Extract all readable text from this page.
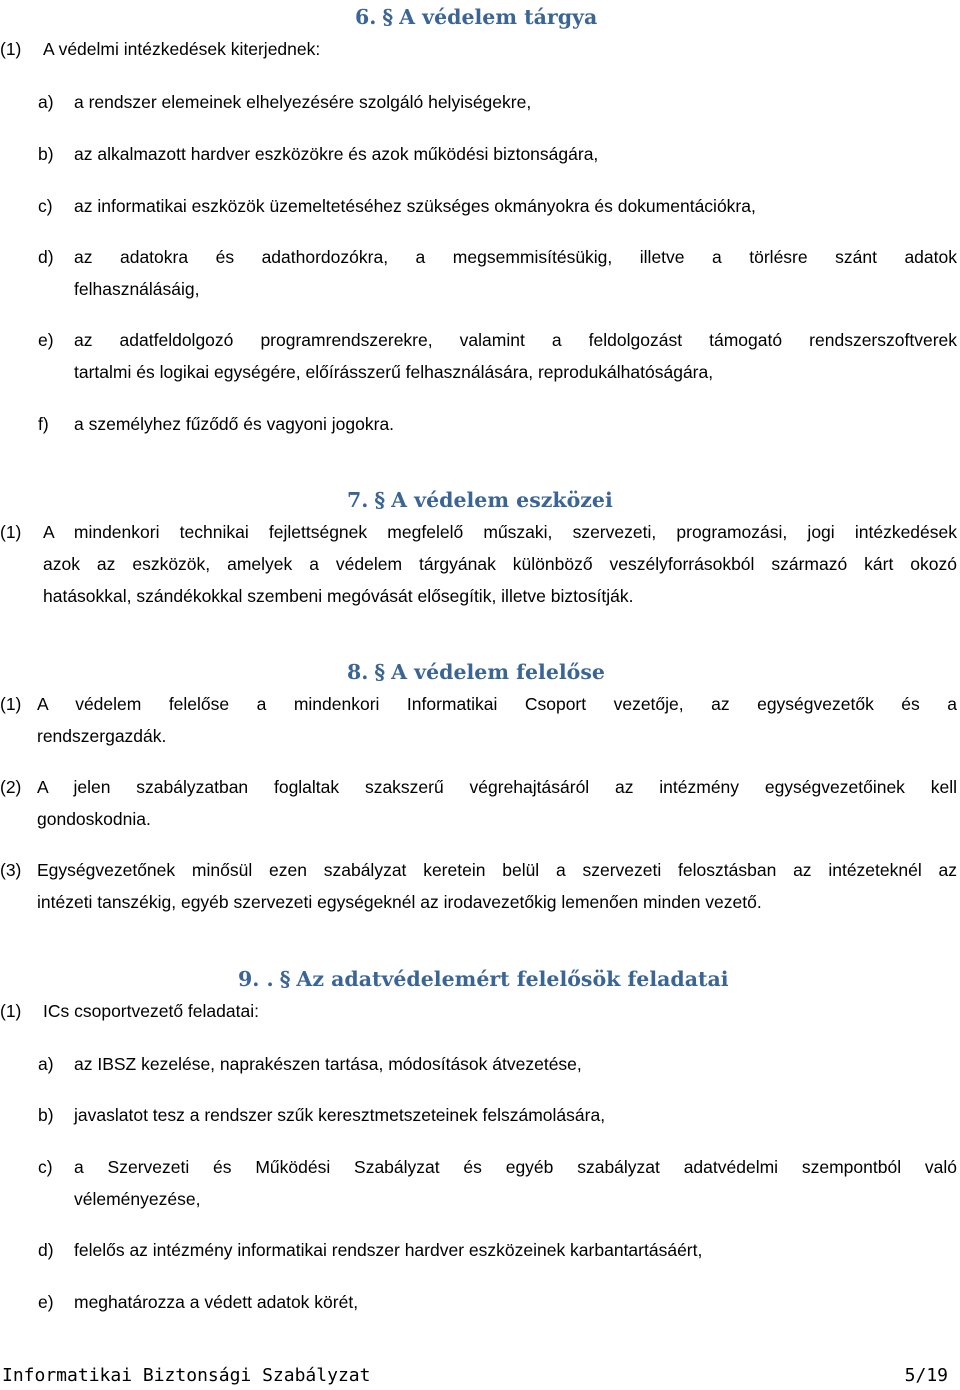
6. § A védelem tárgya
(1) A védelmi intézkedések kiterjednek:
a) a rendszer elemeinek elhelyezésére szolgáló helyiségekre,
b) az alkalmazott hardver eszközökre és azok működési biztonságára,
c) az informatikai eszközök üzemeltetéséhez szükséges okmányokra és dokumentációkra,
d) az adatokra és adathordozókra, a megsemmisítésükig, illetve a törlésre szánt adatok
felhasználásáig,
e) az adatfeldolgozó programrendszerekre, valamint a feldolgozást támogató rendszerszoftverek
tartalmi és logikai egységére, előírásszerű felhasználására, reprodukálhatóságára,
f) a személyhez fűződő és vagyoni jogokra.
7. § A védelem eszközei
(1) A mindenkori technikai fejlettségnek megfelelő műszaki, szervezeti, programozási, jogi intézkedések
azok az eszközök, amelyek a védelem tárgyának különböző veszélyforrásokból származó kárt okozó
hatásokkal, szándékokkal szembeni megóvását elősegítik, illetve biztosítják.
8. § A védelem felelőse
(1) A védelem felelőse a mindenkori Informatikai Csoport vezetője, az egységvezetők és a
rendszergazdák.
(2) A jelen szabályzatban foglaltak szakszerű végrehajtásáról az intézmény egységvezetőinek kell
gondoskodnia.
(3) Egységvezetőnek minősül ezen szabályzat keretein belül a szervezeti felosztásban az intézeteknél az
intézeti tanszékig, egyéb szervezeti egységeknél az irodavezetőkig lemenően minden vezető.
9. . § Az adatvédelemért felelősök feladatai
(1) ICs csoportvezető feladatai:
a) az IBSZ kezelése, naprakészen tartása, módosítások átvezetése,
b) javaslatot tesz a rendszer szűk keresztmetszeteinek felszámolására,
c) a Szervezeti és Működési Szabályzat és egyéb szabályzat adatvédelmi szempontból való
véleményezése,
d) felelős az intézmény informatikai rendszer hardver eszközeinek karbantartásáért,
e) meghatározza a védett adatok körét,
Informatikai Biztonsági Szabályzat	5/19
